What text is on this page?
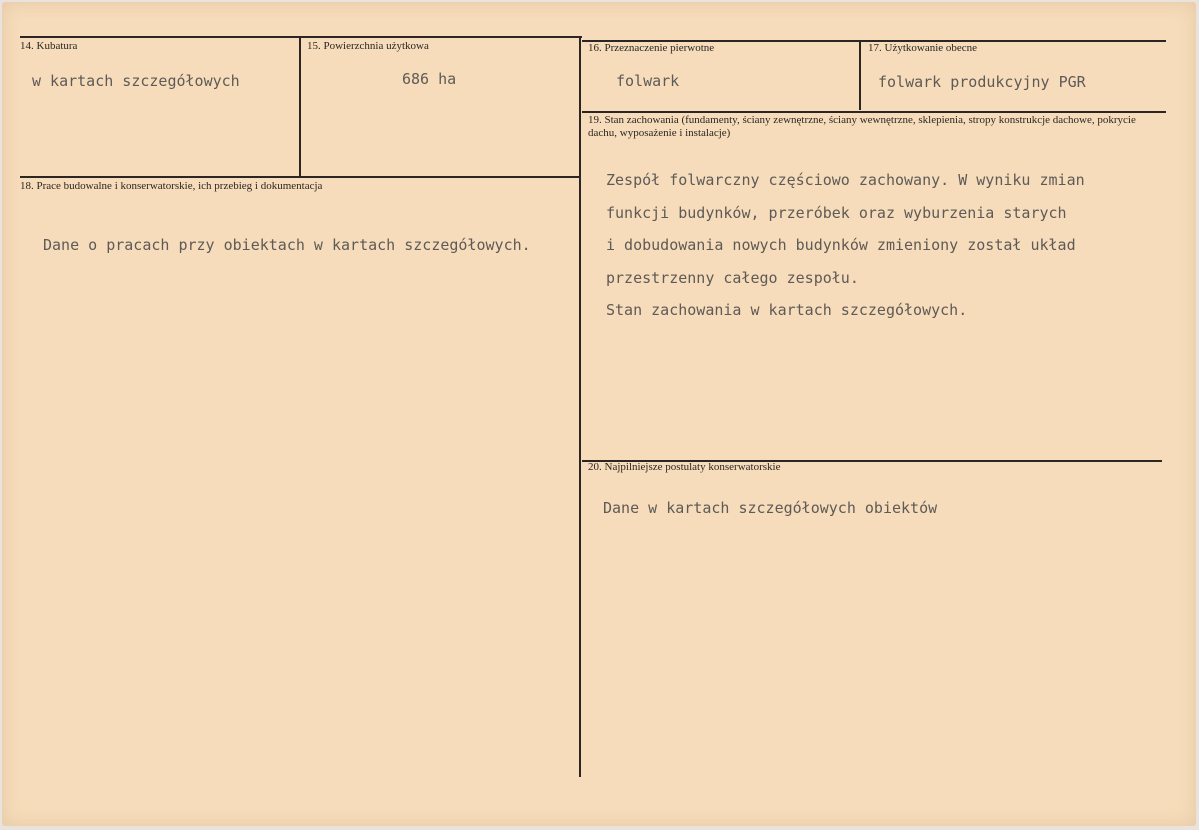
14. Kubatura
w kartach szczegółowych
15. Powierzchnia użytkowa
686 ha
16. Przeznaczenie pierwotne
folwark
17. Użytkowanie obecne
folwark produkcyjny PGR
18. Prace budowalne i konserwatorskie, ich przebieg i dokumentacja
Dane o pracach przy obiektach w kartach szczegółowych.
19. Stan zachowania (fundamenty, ściany zewnętrzne, ściany wewnętrzne, sklepienia, stropy konstrukcje dachowe, pokrycie dachu, wyposażenie i instalacje)
Zespół folwarczny częściowo zachowany. W wyniku zmian
funkcji budynków, przeróbek oraz wyburzenia starych
i dobudowania nowych budynków zmieniony został układ
przestrzenny całego zespołu.
Stan zachowania w kartach szczegółowych.
20. Najpilniejsze postulaty konserwatorskie
Dane w kartach szczegółowych obiektów
